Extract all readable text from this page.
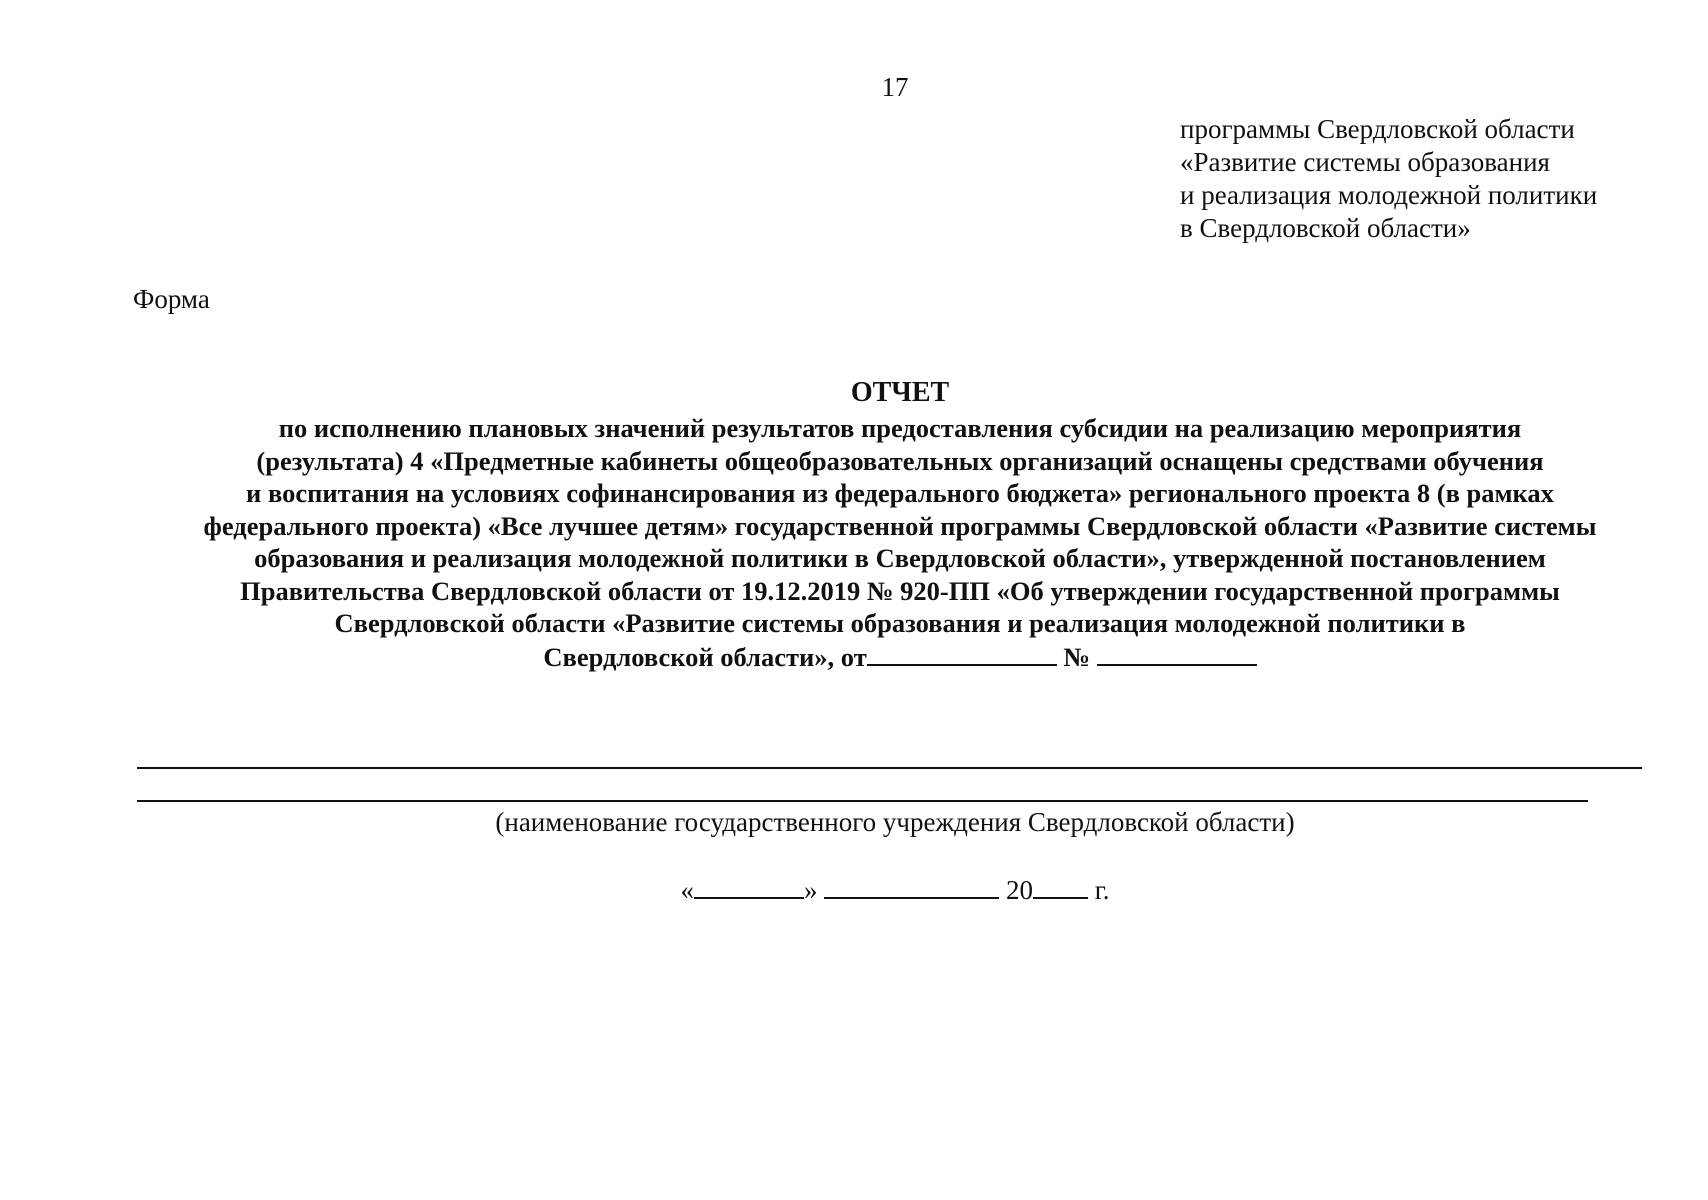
17
программы Свердловской области
«Развитие системы образования
и реализация молодежной политики
в Свердловской области»
Форма
ОТЧЕТ
по исполнению плановых значений результатов предоставления субсидии на реализацию мероприятия
(результата) 4 «Предметные кабинеты общеобразовательных организаций оснащены средствами обучения
и воспитания на условиях софинансирования из федерального бюджета» регионального проекта 8 (в рамках
федерального проекта) «Все лучшее детям» государственной программы Свердловской области «Развитие системы
образования и реализация молодежной политики в Свердловской области», утвержденной постановлением
Правительства Свердловской области от 19.12.2019 № 920-ПП «Об утверждении государственной программы
Свердловской области «Развитие системы образования и реализация молодежной политики в
Свердловской области», от	№
(наименование государственного учреждения Свердловской области)
«	»	20 г.
